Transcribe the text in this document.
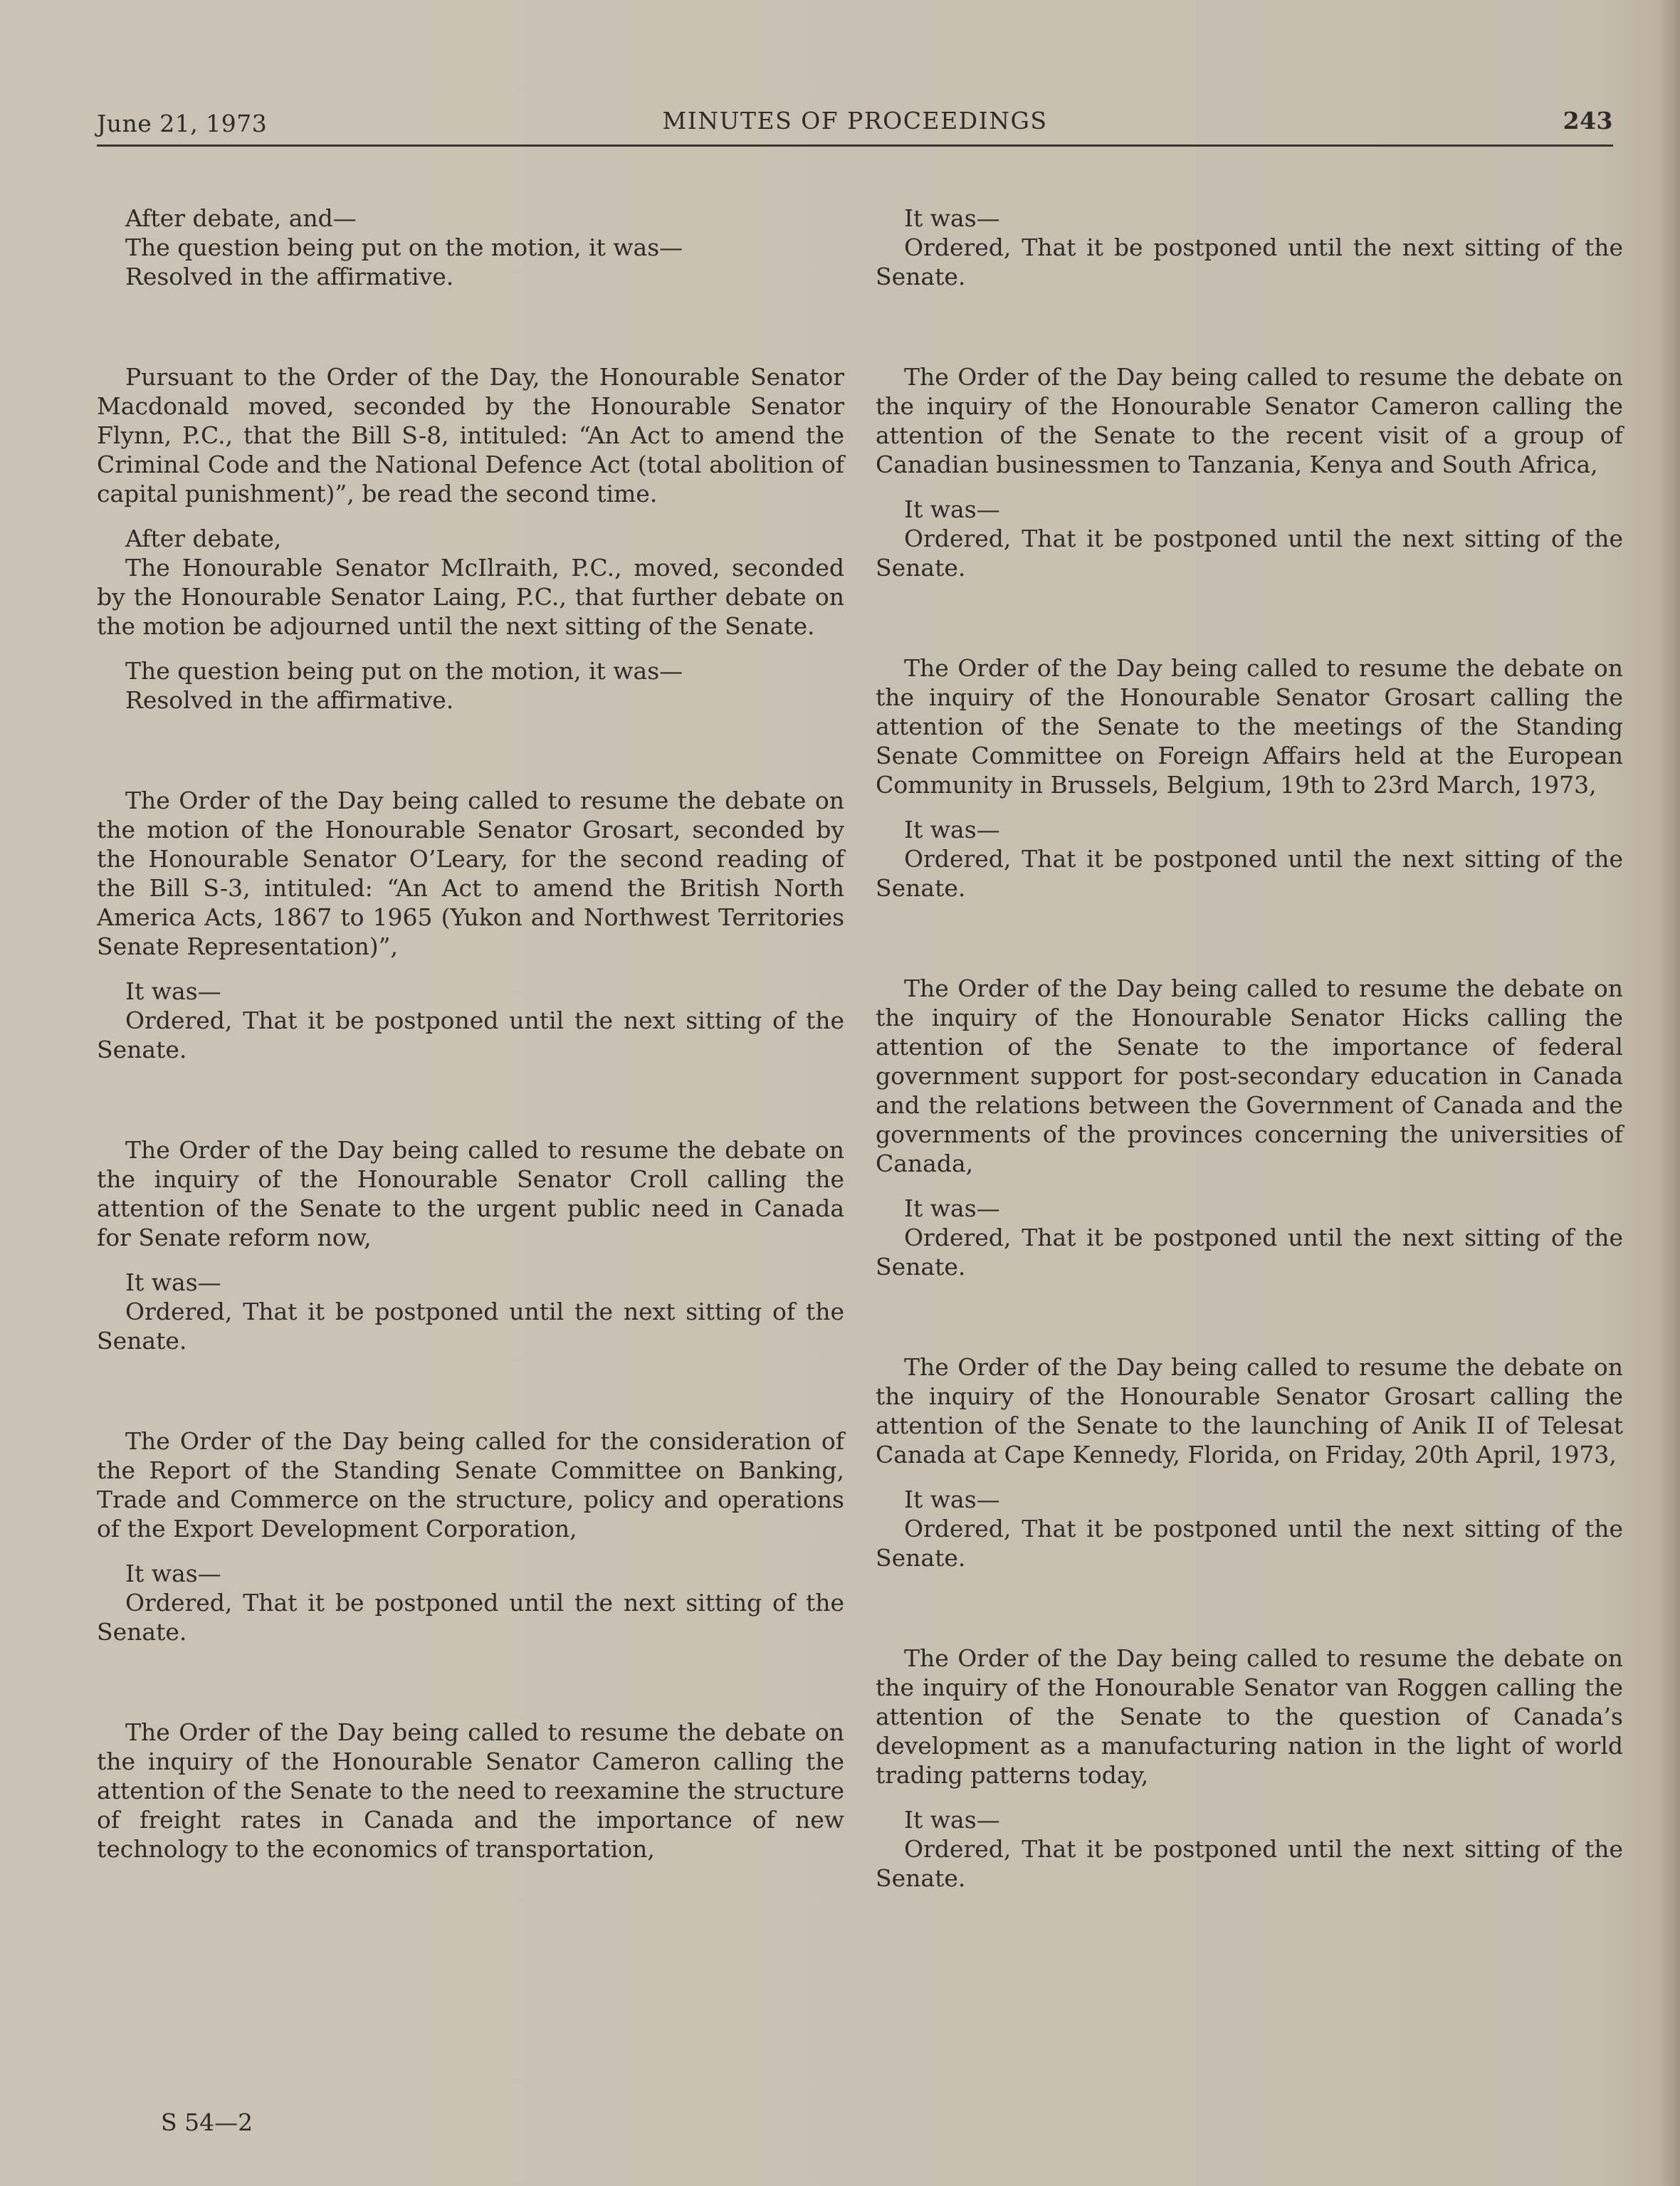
June 21, 1973	MINUTES OF PROCEEDINGS	243

After debate, and—

The question being put on the motion, it was—

Resolved in the affirmative.

Pursuant to the Order of the Day, the Honourable Senator Macdonald moved, seconded by the Honourable Senator Flynn, P.C., that the Bill S-8, intituled: “An Act to amend the Criminal Code and the National Defence Act (total abolition of capital punishment)”, be read the second time.

After debate,

The Honourable Senator McIlraith, P.C., moved, seconded by the Honourable Senator Laing, P.C., that further debate on the motion be adjourned until the next sitting of the Senate.

The question being put on the motion, it was—

Resolved in the affirmative.

The Order of the Day being called to resume the debate on the motion of the Honourable Senator Grosart, seconded by the Honourable Senator O’Leary, for the second reading of the Bill S-3, intituled: “An Act to amend the British North America Acts, 1867 to 1965 (Yukon and Northwest Territories Senate Representation)”,

It was—

Ordered, That it be postponed until the next sitting of the Senate.

The Order of the Day being called to resume the debate on the inquiry of the Honourable Senator Croll calling the attention of the Senate to the urgent public need in Canada for Senate reform now,

It was—

Ordered, That it be postponed until the next sitting of the Senate.

The Order of the Day being called for the consideration of the Report of the Standing Senate Committee on Banking, Trade and Commerce on the structure, policy and operations of the Export Development Corporation,

It was—

Ordered, That it be postponed until the next sitting of the Senate.

The Order of the Day being called to resume the debate on the inquiry of the Honourable Senator Cameron calling the attention of the Senate to the need to reexamine the structure of freight rates in Canada and the importance of new technology to the economics of transportation,

It was—

Ordered, That it be postponed until the next sitting of the Senate.

The Order of the Day being called to resume the debate on the inquiry of the Honourable Senator Cameron calling the attention of the Senate to the recent visit of a group of Canadian businessmen to Tanzania, Kenya and South Africa,

It was—

Ordered, That it be postponed until the next sitting of the Senate.

The Order of the Day being called to resume the debate on the inquiry of the Honourable Senator Grosart calling the attention of the Senate to the meetings of the Standing Senate Committee on Foreign Affairs held at the European Community in Brussels, Belgium, 19th to 23rd March, 1973,

It was—

Ordered, That it be postponed until the next sitting of the Senate.

The Order of the Day being called to resume the debate on the inquiry of the Honourable Senator Hicks calling the attention of the Senate to the importance of federal government support for post-secondary education in Canada and the relations between the Government of Canada and the governments of the provinces concerning the universities of Canada,

It was—

Ordered, That it be postponed until the next sitting of the Senate.

The Order of the Day being called to resume the debate on the inquiry of the Honourable Senator Grosart calling the attention of the Senate to the launching of Anik II of Telesat Canada at Cape Kennedy, Florida, on Friday, 20th April, 1973,

It was—

Ordered, That it be postponed until the next sitting of the Senate.

The Order of the Day being called to resume the debate on the inquiry of the Honourable Senator van Roggen calling the attention of the Senate to the question of Canada’s development as a manufacturing nation in the light of world trading patterns today,

It was—

Ordered, That it be postponed until the next sitting of the Senate.

S 54—2
